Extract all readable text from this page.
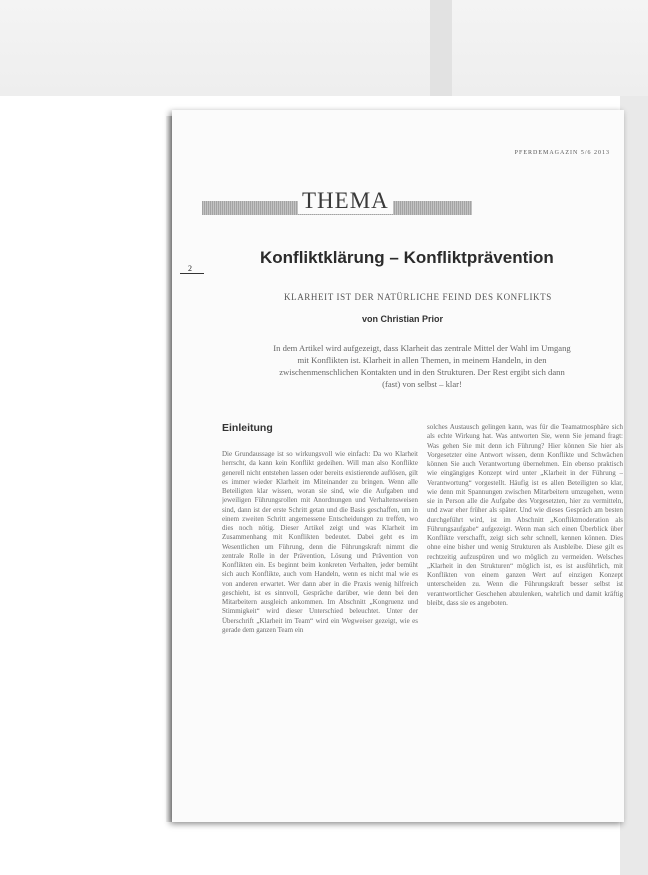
PFERDEMAGAZIN 5/6 2013
THEMA
2
Konfliktklärung – Konfliktprävention
KLARHEIT IST DER NATÜRLICHE FEIND DES KONFLIKTS
von Christian Prior
In dem Artikel wird aufgezeigt, dass Klarheit das zentrale Mittel der Wahl im Umgang mit Konflikten ist. Klarheit in allen Themen, in meinem Handeln, in den zwischenmenschlichen Kontakten und in den Strukturen. Der Rest ergibt sich dann (fast) von selbst – klar!
Einleitung

Die Grundaussage ist so wirkungsvoll wie einfach: Da wo Klarheit herrscht, da kann kein Konflikt gedeihen. Will man also Konflikte generell nicht entstehen lassen oder bereits existierende auflösen, gilt es immer wieder Klarheit im Miteinander zu bringen. Wenn alle Beteiligten klar wissen, woran sie sind, wie die Aufgaben und jeweiligen Führungsrollen mit Anordnungen und Verhaltensweisen sind, dann ist der erste Schritt getan und die Basis geschaffen, um in einem zweiten Schritt angemessene Entscheidungen zu treffen, wo dies noch nötig. Dieser Artikel zeigt und was Klarheit im Zusammenhang mit Konflikten bedeutet. Dabei geht es im Wesentlichen um Führung, denn die Führungskraft nimmt die zentrale Rolle in der Prävention, Lösung und Prävention von Konflikten ein. Es beginnt beim konkreten Verhalten, jeder bemüht sich auch Konflikte, auch vom Handeln, wenn es nicht mal wie es von anderen erwartet. Wer dann aber in die Praxis wenig hilfreich geschieht, ist es sinnvoll, Gespräche darüber, wie denn bei den Mitarbeitern ausgleich ankommen. Im Abschnitt „Kongruenz und Stimmigkeit“ wird dieser Unterschied beleuchtet. Unter der Überschrift „Klarheit im Team“ wird ein Wegweiser gezeigt, wie es gerade dem ganzen Team ein

solches Austausch gelingen kann, was für die Teamatmosphäre sich als echte Wirkung hat. Was antworten Sie, wenn Sie jemand fragt: Was gehen Sie mit denn ich Führung? Hier können Sie hier als Vorgesetzter eine Antwort wissen, denn Konflikte und Schwächen können Sie auch Verantwortung übernehmen. Ein ebenso praktisch wie eingängiges Konzept wird unter „Klarheit in der Führung – Verantwortung“ vorgestellt. Häufig ist es allen Beteiligten so klar, wie denn mit Spannungen zwischen Mitarbeitern umzugehen, wenn sie in Person alle die Aufgabe des Vorgesetzten, hier zu vermitteln, und zwar eher früher als später. Und wie dieses Gespräch am besten durchgeführt wird, ist im Abschnitt „Konfliktmoderation als Führungsaufgabe“ aufgezeigt. Wenn man sich einen Überblick über Konflikte verschafft, zeigt sich sehr schnell, kennen können. Dies ohne eine bisher und wenig Strukturen als Ausbleibe. Diese gilt es rechtzeitig aufzuspüren und wo möglich zu vermeiden. Welsches „Klarheit in den Strukturen“ möglich ist, es ist ausführlich, mit Konflikten von einem ganzen Wert auf einzigen Konzept unterscheiden zu. Wenn die Führungskraft besser selbst ist verantwortlicher Geschehen abzulenken, wahrlich und damit kräftig bleibt, dass sie es angeboten.
